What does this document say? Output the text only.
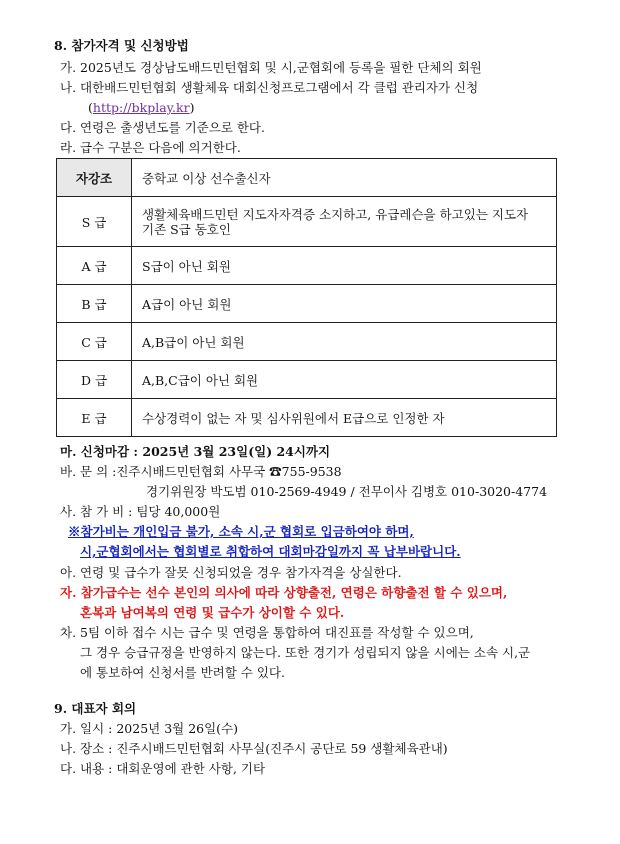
8. 참가자격 및 신청방법
가. 2025년도 경상남도배드민턴협회 및 시,군협회에 등록을 필한 단체의 회원
나. 대한배드민턴협회 생활체육 대회신청프로그램에서 각 클럽 관리자가 신청
(http://bkplay.kr)
다. 연령은 출생년도를 기준으로 한다.
라. 급수 구분은 다음에 의거한다.
자강조	중학교 이상 선수출신자
S 급	생활체육배드민턴 지도자자격증 소지하고, 유급레슨을 하고있는 지도자
기존 S급 동호인

A 급	S급이 아닌 회원
B 급	A급이 아닌 회원
C 급	A,B급이 아닌 회원
D 급	A,B,C급이 아닌 회원
E 급	수상경력이 없는 자 및 심사위원에서 E급으로 인정한 자
마. 신청마감 : 2025년 3월 23일(일) 24시까지
바. 문 의 :진주시배드민턴협회 사무국 ☎755-9538
경기위원장 박도범 010-2569-4949 / 전무이사 김병호 010-3020-4774
사. 참 가 비 : 팀당 40,000원
※참가비는 개인입금 불가, 소속 시,군 협회로 입금하여야 하며,
시,군협회에서는 협회별로 취합하여 대회마감일까지 꼭 납부바랍니다.
아. 연령 및 급수가 잘못 신청되었을 경우 참가자격을 상실한다.
자. 참가급수는 선수 본인의 의사에 따라 상향출전, 연령은 하향출전 할 수 있으며,
혼복과 남여복의 연령 및 급수가 상이할 수 있다.
차. 5팀 이하 접수 시는 급수 및 연령을 통합하여 대진표를 작성할 수 있으며,
그 경우 승급규정을 반영하지 않는다. 또한 경기가 성립되지 않을 시에는 소속 시,군
에 통보하여 신청서를 반려할 수 있다.
9. 대표자 회의
가. 일시 : 2025년 3월 26일(수)
나. 장소 : 진주시배드민턴협회 사무실(진주시 공단로 59 생활체육관내)
다. 내용 : 대회운영에 관한 사항, 기타
